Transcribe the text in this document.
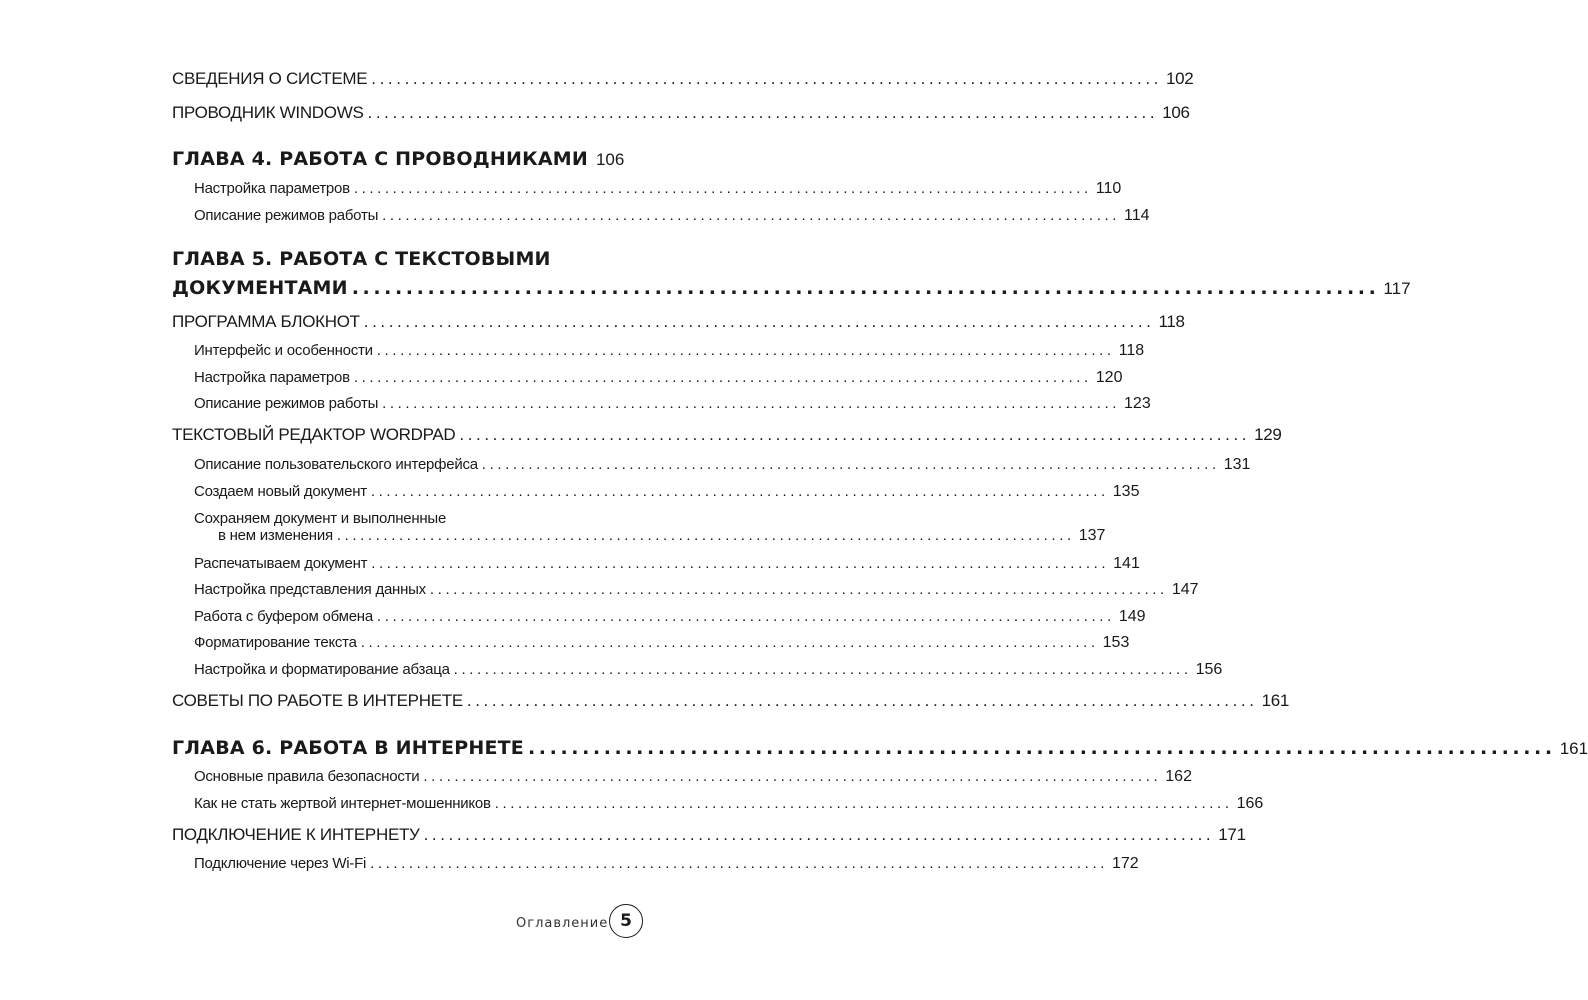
СВЕДЕНИЯ О СИСТЕМЕ ............................................................................................... 102
ПРОВОДНИК WINDOWS ............................................................................................... 106
ГЛАВА 4. РАБОТА С ПРОВОДНИКАМИ 106
Настройка параметров ............................................................................................... 110
Описание режимов работы ............................................................................................... 114
ГЛАВА 5. РАБОТА С ТЕКСТОВЫМИ
ДОКУМЕНТАМИ ............................................................................................... 117
ПРОГРАММА БЛОКНОТ ............................................................................................... 118
Интерфейс и особенности ............................................................................................... 118
Настройка параметров ............................................................................................... 120
Описание режимов работы ............................................................................................... 123
ТЕКСТОВЫЙ РЕДАКТОР WORDPAD ............................................................................................... 129
Описание пользовательского интерфейса ............................................................................................... 131
Создаем новый документ ............................................................................................... 135
Сохраняем документ и выполненные
в нем изменения ............................................................................................... 137
Распечатываем документ ............................................................................................... 141
Настройка представления данных ............................................................................................... 147
Работа с буфером обмена ............................................................................................... 149
Форматирование текста ............................................................................................... 153
Настройка и форматирование абзаца ............................................................................................... 156
СОВЕТЫ ПО РАБОТЕ В ИНТЕРНЕТЕ ............................................................................................... 161
ГЛАВА 6. РАБОТА В ИНТЕРНЕТЕ ............................................................................................... 161
Основные правила безопасности ............................................................................................... 162
Как не стать жертвой интернет-мошенников ............................................................................................... 166
ПОДКЛЮЧЕНИЕ К ИНТЕРНЕТУ ............................................................................................... 171
Подключение через Wi-Fi ............................................................................................... 172
Оглавление 5
